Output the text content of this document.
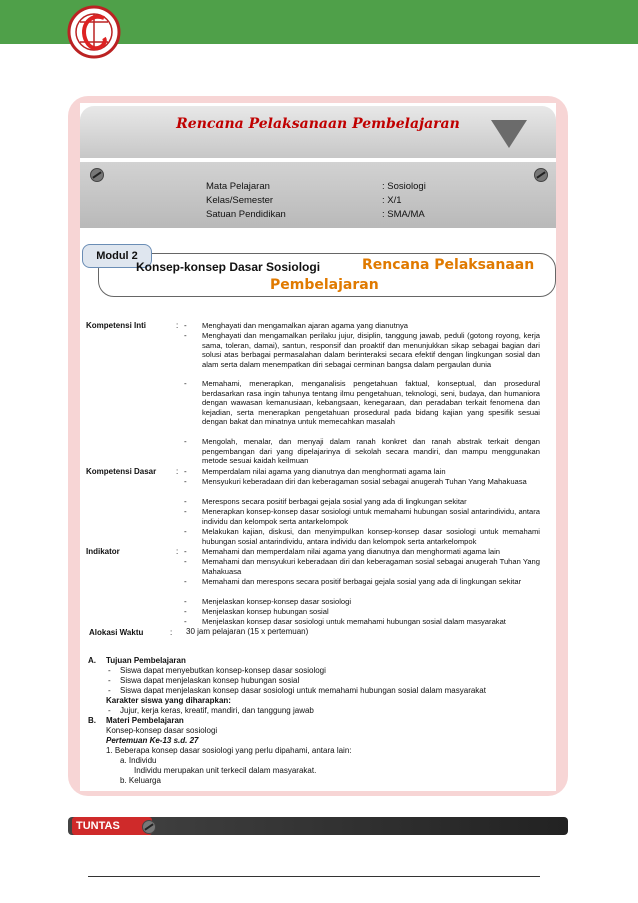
Rencana Pelaksanaan Pembelajaran
Mata Pelajaran	: Sosiologi
Kelas/Semester	: X/1
Satuan Pendidikan	: SMA/MA
Modul 2
Konsep-konsep Dasar Sosiologi	Rencana Pelaksanaan
Pembelajaran
Kompetensi Inti	: - Menghayati dan mengamalkan ajaran agama yang dianutnya
- Menghayati dan mengamalkan perilaku jujur, disiplin, tanggung jawab, peduli (gotong royong, kerja sama, toleran, damai), santun, responsif dan proaktif dan menunjukkan sikap sebagai bagian dari solusi atas berbagai permasalahan dalam berinteraksi secara efektif dengan lingkungan sosial dan alam serta dalam menempatkan diri sebagai cerminan bangsa dalam pergaulan dunia
- Memahami, menerapkan, menganalisis pengetahuan faktual, konseptual, dan prosedural berdasarkan rasa ingin tahunya tentang ilmu pengetahuan, teknologi, seni, budaya, dan humaniora dengan wawasan kemanusiaan, kebangsaan, kenegaraan, dan peradaban terkait fenomena dan kejadian, serta menerapkan pengetahuan prosedural pada bidang kajian yang spesifik sesuai dengan bakat dan minatnya untuk memecahkan masalah
- Mengolah, menalar, dan menyaji dalam ranah konkret dan ranah abstrak terkait dengan pengembangan dari yang dipelajarinya di sekolah secara mandiri, dan mampu menggunakan metode sesuai kaidah keilmuan
Kompetensi Dasar : - Memperdalam nilai agama yang dianutnya dan menghormati agama lain
- Mensyukuri keberadaan diri dan keberagaman sosial sebagai anugerah Tuhan Yang Mahakuasa
- Merespons secara positif berbagai gejala sosial yang ada di lingkungan sekitar
- Menerapkan konsep-konsep dasar sosiologi untuk memahami hubungan sosial antarindividu, antara individu dan kelompok serta antarkelompok
- Melakukan kajian, diskusi, dan menyimpulkan konsep-konsep dasar sosiologi untuk memahami hubungan sosial antarindividu, antara individu dan kelompok serta antarkelompok
Indikator	: - Memahami dan memperdalam nilai agama yang dianutnya dan menghormati agama lain
- Memahami dan mensyukuri keberadaan diri dan keberagaman sosial sebagai anugerah Tuhan Yang Mahakuasa
- Memahami dan merespons secara positif berbagai gejala sosial yang ada di lingkungan sekitar
- Menjelaskan konsep-konsep dasar sosiologi
- Menjelaskan konsep hubungan sosial
- Menjelaskan konsep dasar sosiologi untuk memahami hubungan sosial dalam masyarakat
Alokasi Waktu	: 30 jam pelajaran (15 x pertemuan)
A. Tujuan Pembelajaran
- Siswa dapat menyebutkan konsep-konsep dasar sosiologi
- Siswa dapat menjelaskan konsep hubungan sosial
- Siswa dapat menjelaskan konsep dasar sosiologi untuk memahami hubungan sosial dalam masyarakat
Karakter siswa yang diharapkan:
- Jujur, kerja keras, kreatif, mandiri, dan tanggung jawab
B. Materi Pembelajaran
Konsep-konsep dasar sosiologi
Pertemuan Ke-13 s.d. 27
1. Beberapa konsep dasar sosiologi yang perlu dipahami, antara lain:
a. Individu
Individu merupakan unit terkecil dalam masyarakat.
b. Keluarga
TUNTAS
